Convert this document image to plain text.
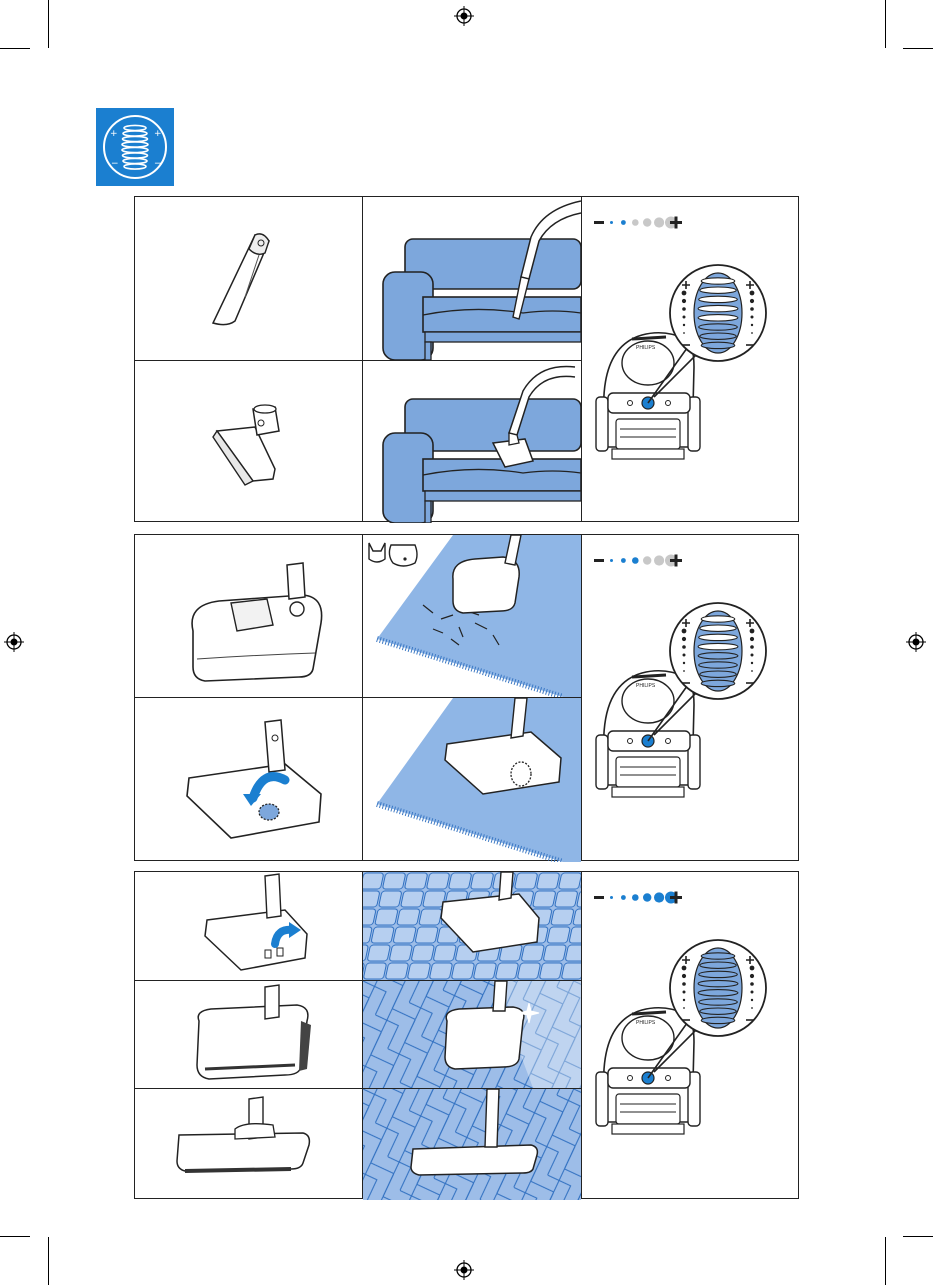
+	+
−	−
PHILIPS
PHILIPS
PHILIPS
